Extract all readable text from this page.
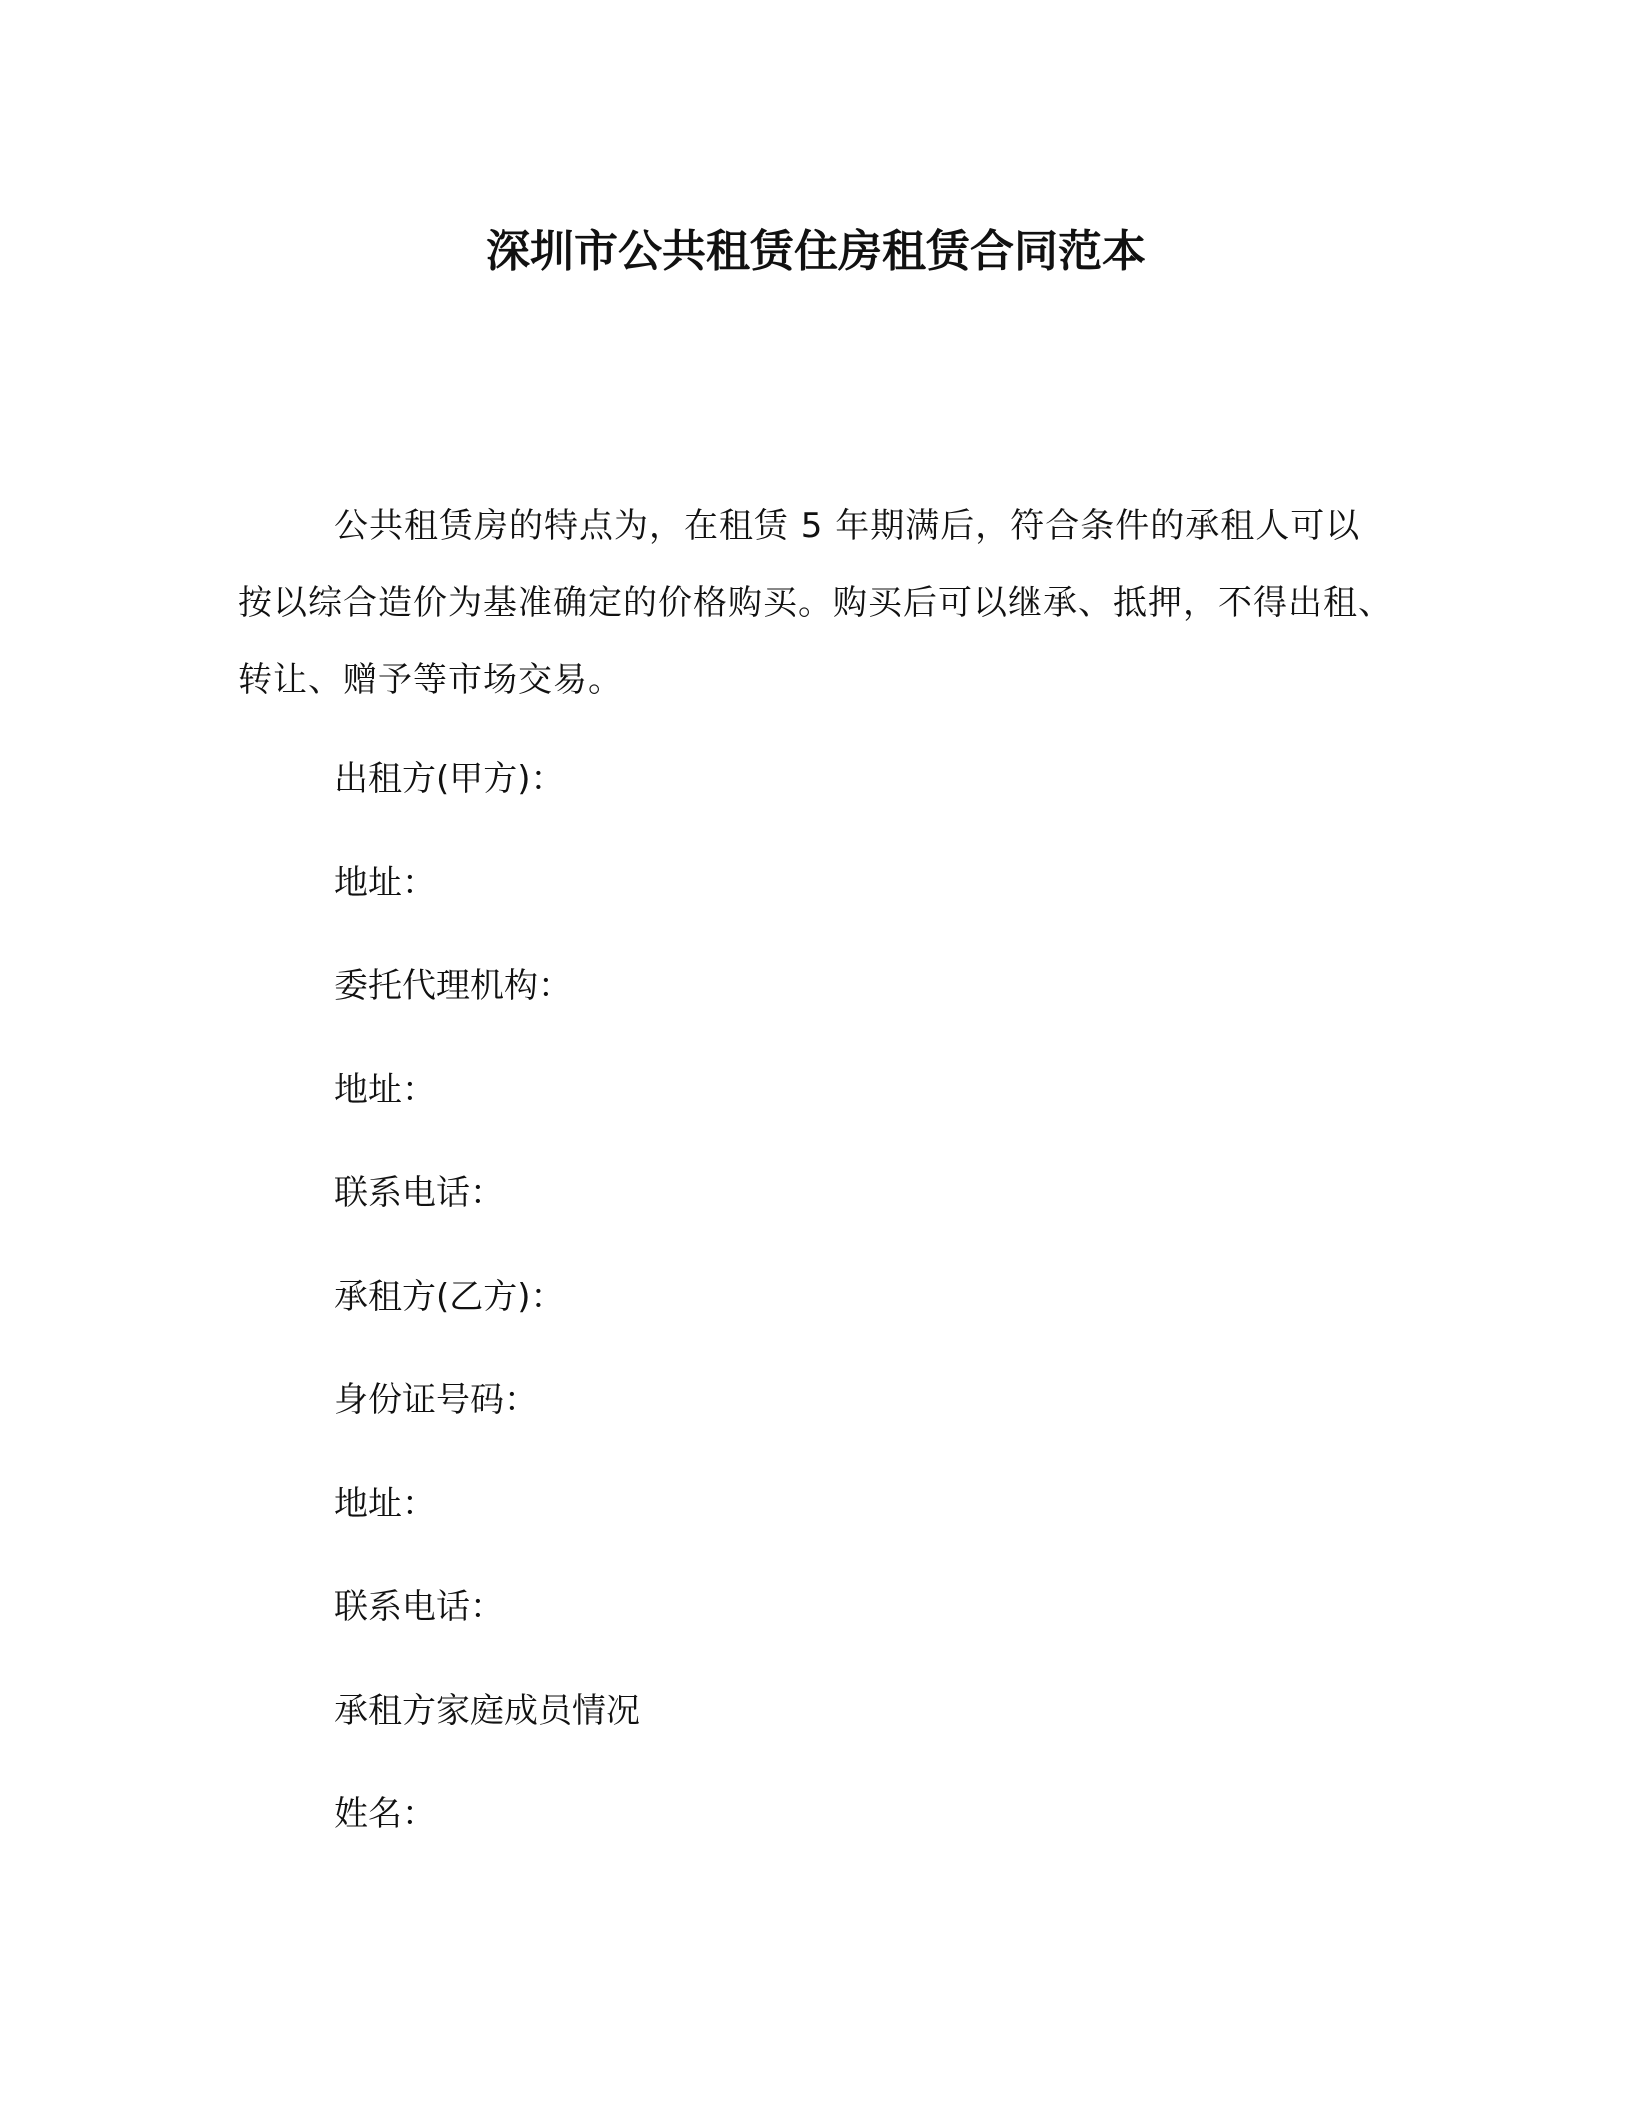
深圳市公共租赁住房租赁合同范本

公共租赁房的特点为，在租赁 5 年期满后，符合条件的承租人可以按以综合造价为基准确定的价格购买。购买后可以继承、抵押，不得出租、转让、赠予等市场交易。

出租方(甲方)：

地址：

委托代理机构：

地址：

联系电话：

承租方(乙方)：

身份证号码：

地址：

联系电话：

承租方家庭成员情况

姓名：
